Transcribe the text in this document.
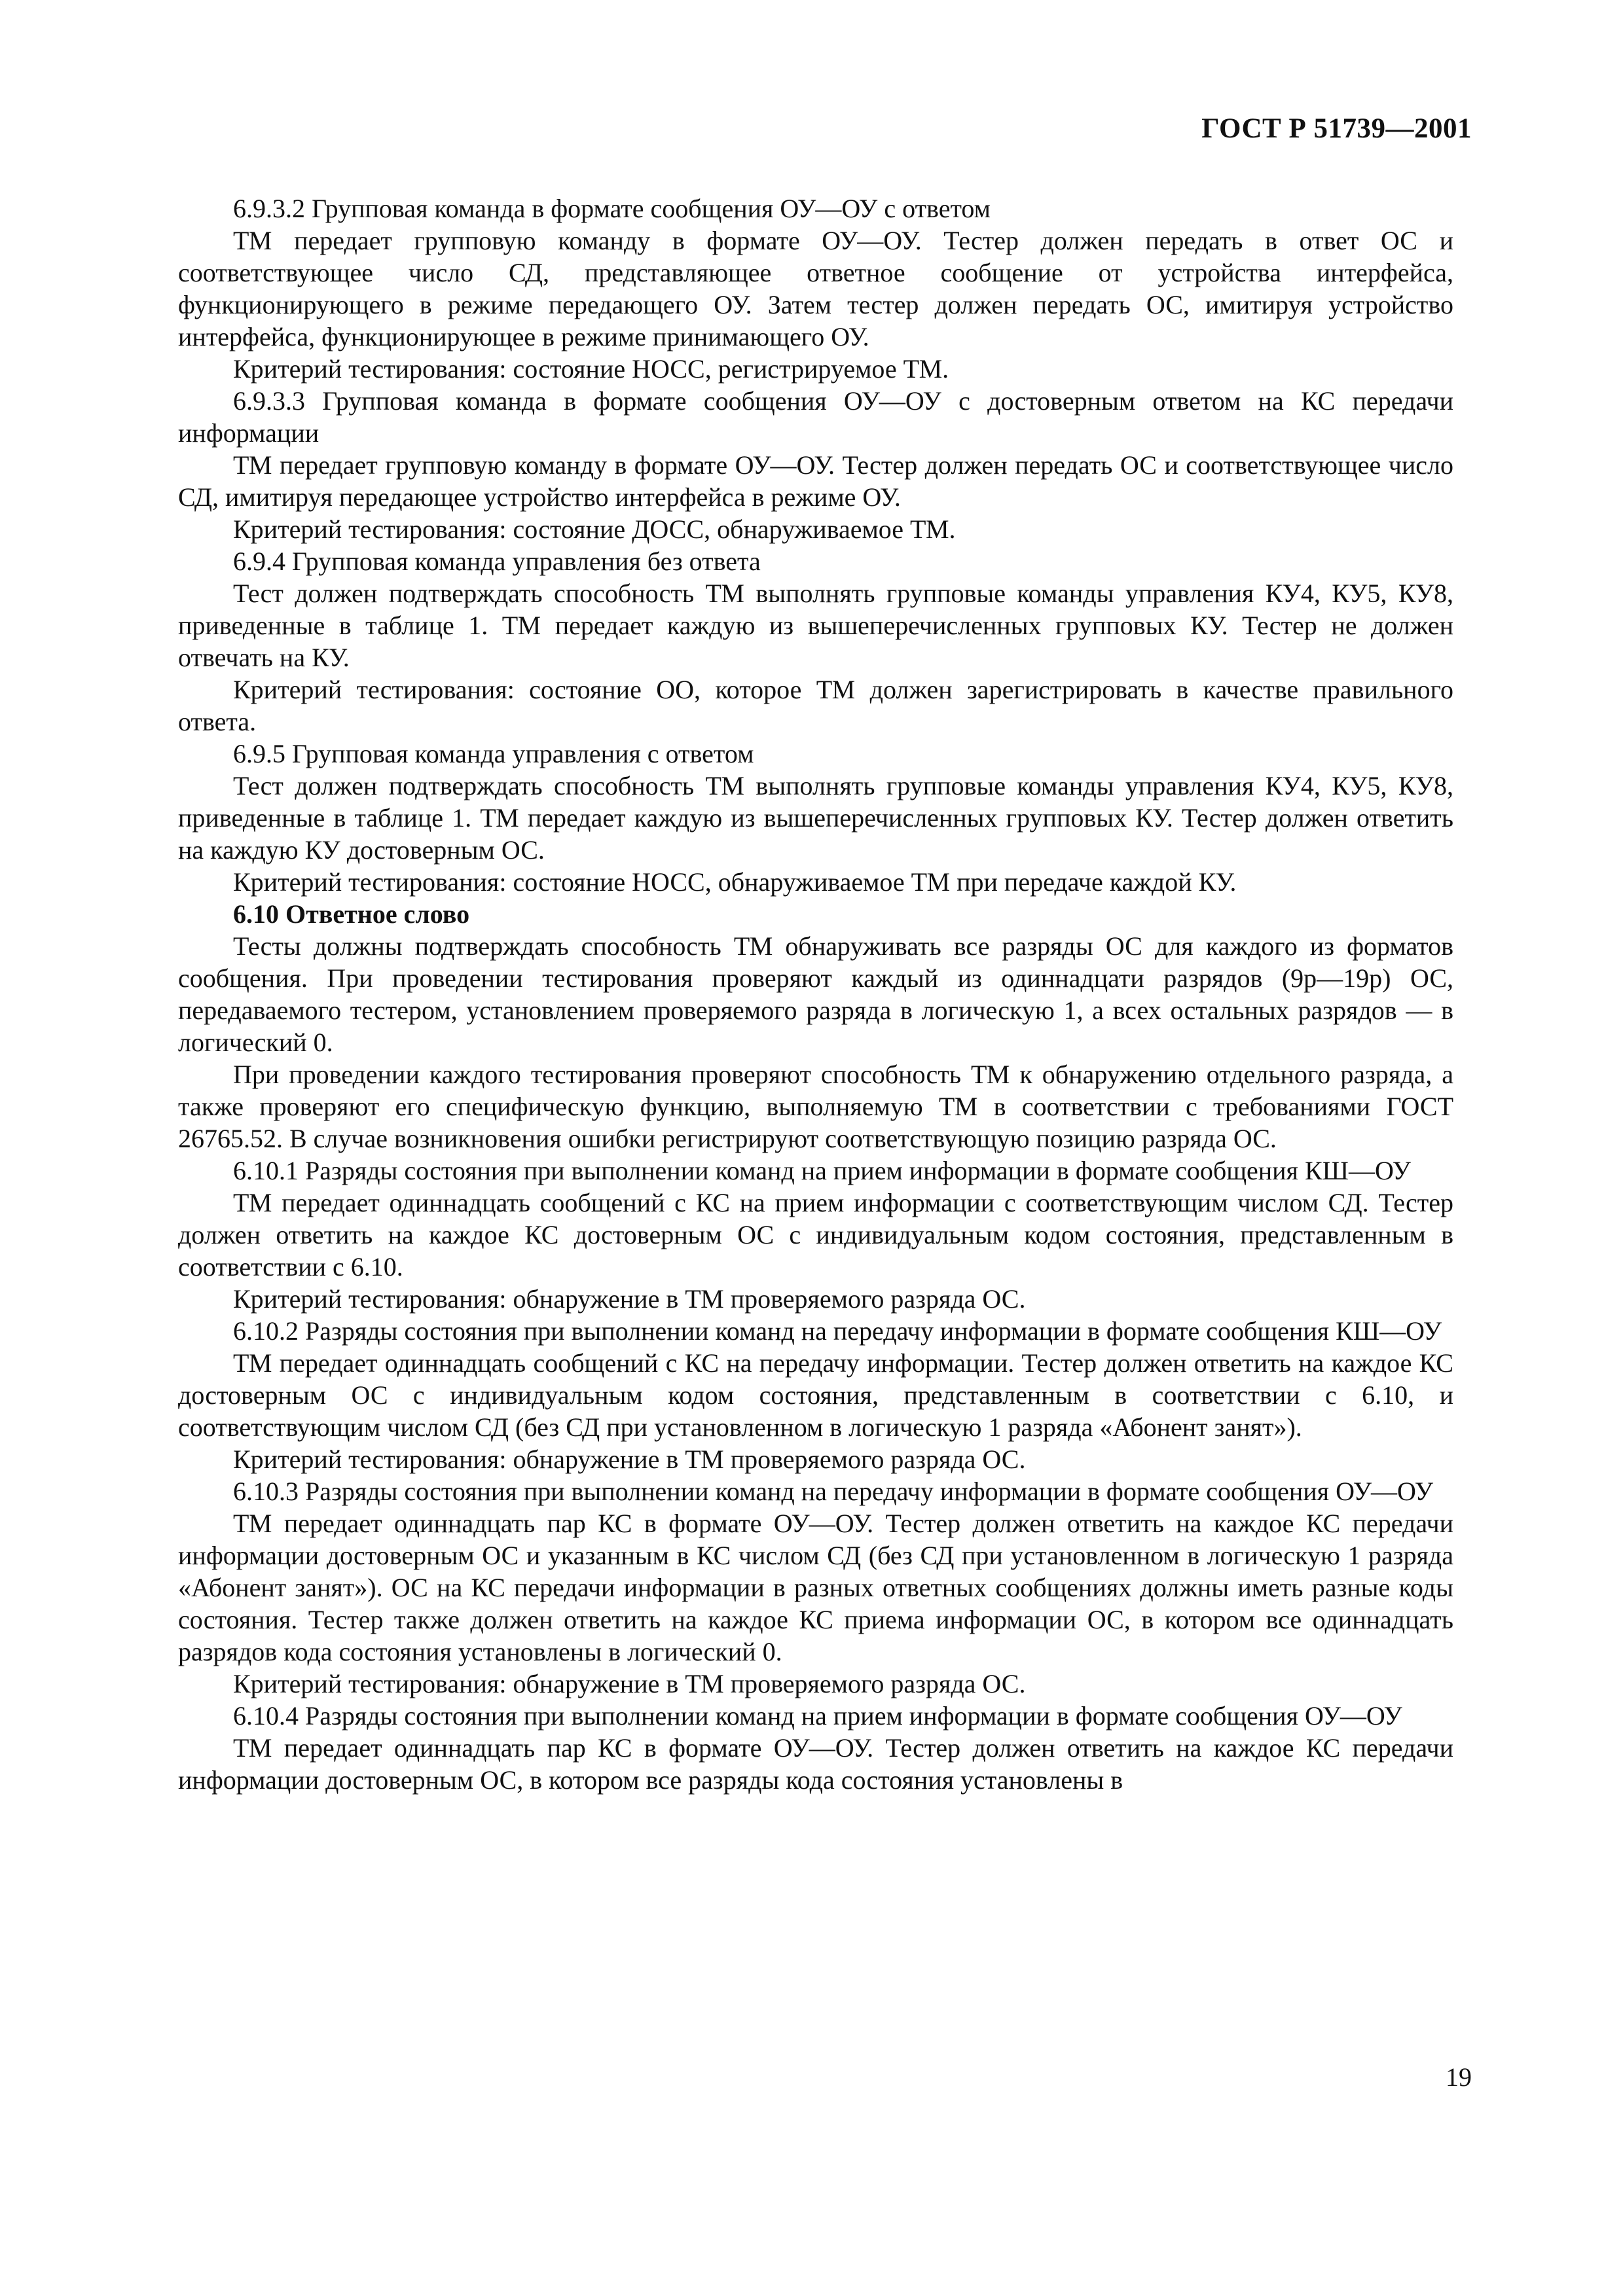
ГОСТ Р 51739—2001

6.9.3.2 Групповая команда в формате сообщения ОУ—ОУ с ответом

ТМ передает групповую команду в формате ОУ—ОУ. Тестер должен передать в ответ ОС и соответствующее число СД, представляющее ответное сообщение от устройства интерфейса, функционирующего в режиме передающего ОУ. Затем тестер должен передать ОС, имитируя устройство интерфейса, функционирующее в режиме принимающего ОУ.

Критерий тестирования: состояние НОСС, регистрируемое ТМ.

6.9.3.3 Групповая команда в формате сообщения ОУ—ОУ с достоверным ответом на КС передачи информации

ТМ передает групповую команду в формате ОУ—ОУ. Тестер должен передать ОС и соответствующее число СД, имитируя передающее устройство интерфейса в режиме ОУ.

Критерий тестирования: состояние ДОСС, обнаруживаемое ТМ.

6.9.4 Групповая команда управления без ответа

Тест должен подтверждать способность ТМ выполнять групповые команды управления КУ4, КУ5, КУ8, приведенные в таблице 1. ТМ передает каждую из вышеперечисленных групповых КУ. Тестер не должен отвечать на КУ.

Критерий тестирования: состояние ОО, которое ТМ должен зарегистрировать в качестве правильного ответа.

6.9.5 Групповая команда управления с ответом

Тест должен подтверждать способность ТМ выполнять групповые команды управления КУ4, КУ5, КУ8, приведенные в таблице 1. ТМ передает каждую из вышеперечисленных групповых КУ. Тестер должен ответить на каждую КУ достоверным ОС.

Критерий тестирования: состояние НОСС, обнаруживаемое ТМ при передаче каждой КУ.

6.10 Ответное слово

Тесты должны подтверждать способность ТМ обнаруживать все разряды ОС для каждого из форматов сообщения. При проведении тестирования проверяют каждый из одиннадцати разрядов (9р—19р) ОС, передаваемого тестером, установлением проверяемого разряда в логическую 1, а всех остальных разрядов — в логический 0.

При проведении каждого тестирования проверяют способность ТМ к обнаружению отдельного разряда, а также проверяют его специфическую функцию, выполняемую ТМ в соответствии с требованиями ГОСТ 26765.52. В случае возникновения ошибки регистрируют соответствующую позицию разряда ОС.

6.10.1 Разряды состояния при выполнении команд на прием информации в формате сообщения КШ—ОУ

ТМ передает одиннадцать сообщений с КС на прием информации с соответствующим числом СД. Тестер должен ответить на каждое КС достоверным ОС с индивидуальным кодом состояния, представленным в соответствии с 6.10.

Критерий тестирования: обнаружение в ТМ проверяемого разряда ОС.

6.10.2 Разряды состояния при выполнении команд на передачу информации в формате сообщения КШ—ОУ

ТМ передает одиннадцать сообщений с КС на передачу информации. Тестер должен ответить на каждое КС достоверным ОС с индивидуальным кодом состояния, представленным в соответствии с 6.10, и соответствующим числом СД (без СД при установленном в логическую 1 разряда «Абонент занят»).

Критерий тестирования: обнаружение в ТМ проверяемого разряда ОС.

6.10.3 Разряды состояния при выполнении команд на передачу информации в формате сообщения ОУ—ОУ

ТМ передает одиннадцать пар КС в формате ОУ—ОУ. Тестер должен ответить на каждое КС передачи информации достоверным ОС и указанным в КС числом СД (без СД при установленном в логическую 1 разряда «Абонент занят»). ОС на КС передачи информации в разных ответных сообщениях должны иметь разные коды состояния. Тестер также должен ответить на каждое КС приема информации ОС, в котором все одиннадцать разрядов кода состояния установлены в логический 0.

Критерий тестирования: обнаружение в ТМ проверяемого разряда ОС.

6.10.4 Разряды состояния при выполнении команд на прием информации в формате сообщения ОУ—ОУ

ТМ передает одиннадцать пар КС в формате ОУ—ОУ. Тестер должен ответить на каждое КС передачи информации достоверным ОС, в котором все разряды кода состояния установлены в

19
